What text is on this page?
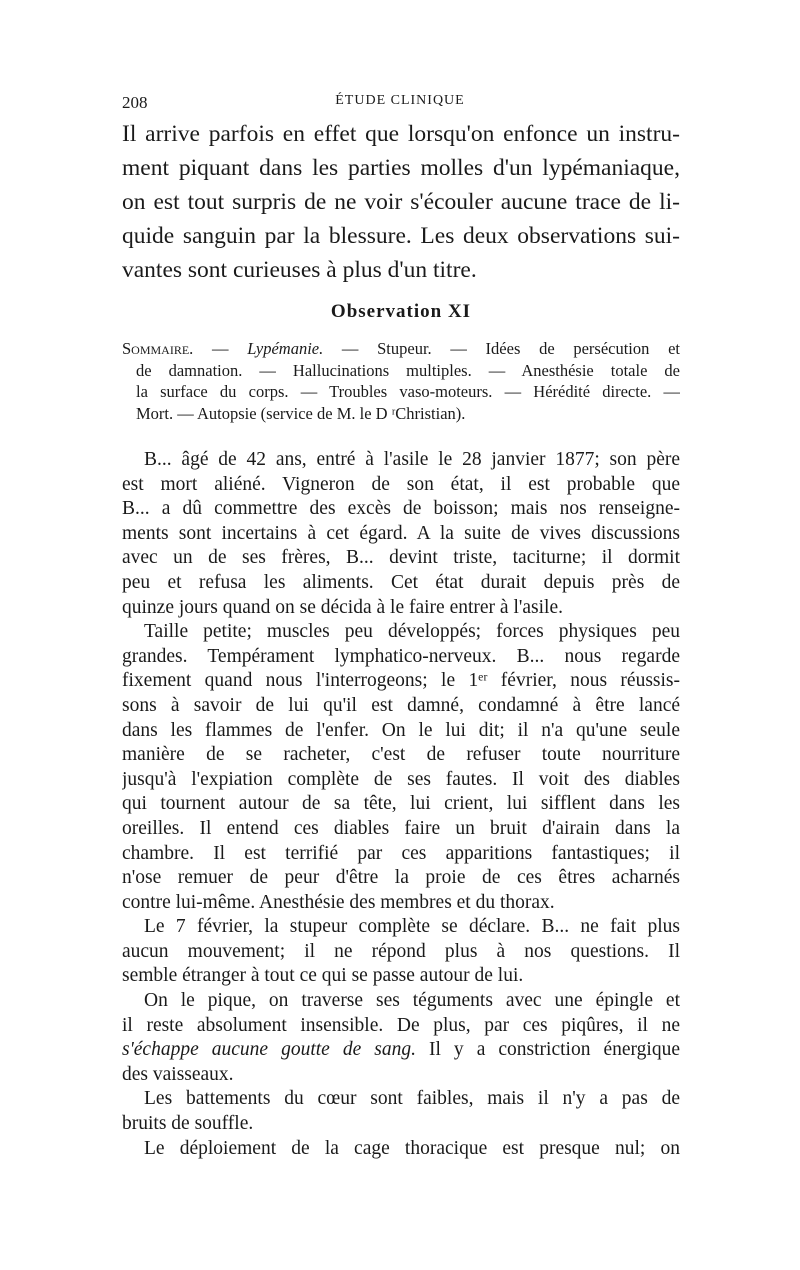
208	ÉTUDE CLINIQUE
Il arrive parfois en effet que lorsqu'on enfonce un instru-
ment piquant dans les parties molles d'un lypémaniaque,
on est tout surpris de ne voir s'écouler aucune trace de li-
quide sanguin par la blessure. Les deux observations sui-
vantes sont curieuses à plus d'un titre.
Observation XI
Sommaire. — Lypémanie. — Stupeur. — Idées de persécution et
de damnation. — Hallucinations multiples. — Anesthésie totale de
la surface du corps. — Troubles vaso-moteurs. — Hérédité directe. —
Mort. — Autopsie (service de M. le D ʳChristian).

B... âgé de 42 ans, entré à l'asile le 28 janvier 1877; son père
est mort aliéné. Vigneron de son état, il est probable que
B... a dû commettre des excès de boisson; mais nos renseigne-
ments sont incertains à cet égard. A la suite de vives discussions
avec un de ses frères, B... devint triste, taciturne; il dormit
peu et refusa les aliments. Cet état durait depuis près de
quinze jours quand on se décida à le faire entrer à l'asile.

Taille petite; muscles peu développés; forces physiques peu
grandes. Tempérament lymphatico-nerveux. B... nous regarde
fixement quand nous l'interrogeons; le 1ᵉʳ février, nous réussis-
sons à savoir de lui qu'il est damné, condamné à être lancé
dans les flammes de l'enfer. On le lui dit; il n'a qu'une seule
manière de se racheter, c'est de refuser toute nourriture
jusqu'à l'expiation complète de ses fautes. Il voit des diables
qui tournent autour de sa tête, lui crient, lui sifflent dans les
oreilles. Il entend ces diables faire un bruit d'airain dans la
chambre. Il est terrifié par ces apparitions fantastiques; il
n'ose remuer de peur d'être la proie de ces êtres acharnés
contre lui-même. Anesthésie des membres et du thorax.

Le 7 février, la stupeur complète se déclare. B... ne fait plus
aucun mouvement; il ne répond plus à nos questions. Il
semble étranger à tout ce qui se passe autour de lui.

On le pique, on traverse ses téguments avec une épingle et
il reste absolument insensible. De plus, par ces piqûres, il ne
s'échappe aucune goutte de sang. Il y a constriction énergique
des vaisseaux.

Les battements du cœur sont faibles, mais il n'y a pas de
bruits de souffle.

Le déploiement de la cage thoracique est presque nul; on
